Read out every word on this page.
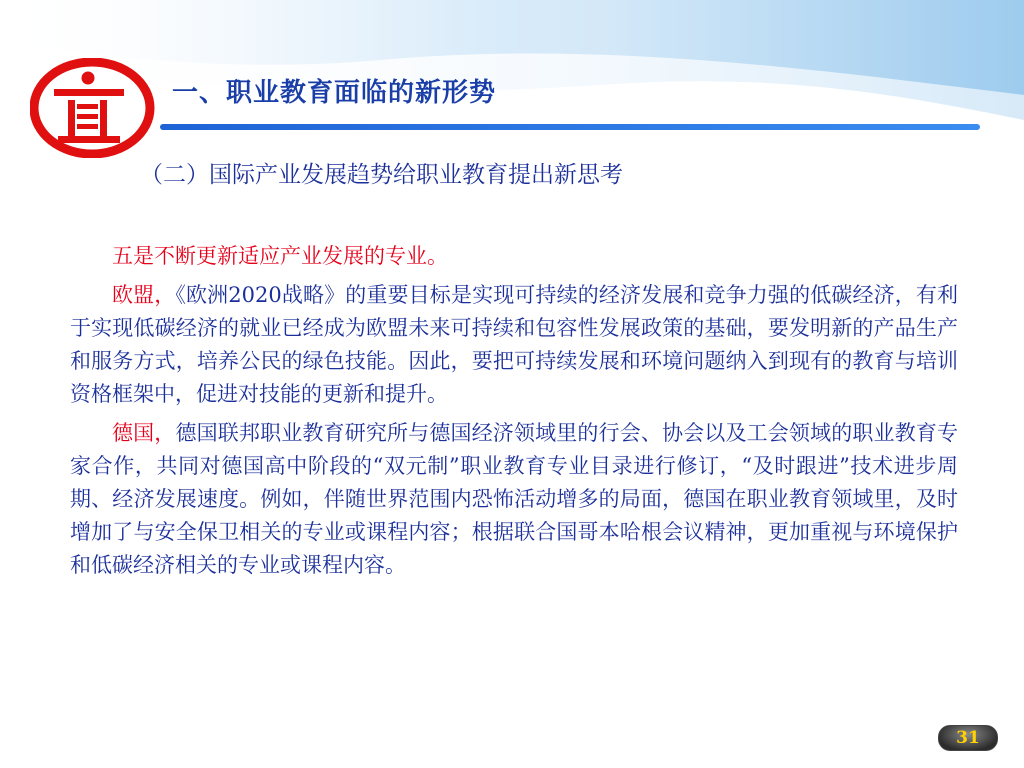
一、职业教育面临的新形势
（二）国际产业发展趋势给职业教育提出新思考

五是不断更新适应产业发展的专业。

欧盟，《欧洲2020战略》的重要目标是实现可持续的经济发展和竞争力强的低碳经济，有利于实现低碳经济的就业已经成为欧盟未来可持续和包容性发展政策的基础，要发明新的产品生产和服务方式，培养公民的绿色技能。因此，要把可持续发展和环境问题纳入到现有的教育与培训资格框架中，促进对技能的更新和提升。

德国，德国联邦职业教育研究所与德国经济领域里的行会、协会以及工会领域的职业教育专家合作，共同对德国高中阶段的“双元制”职业教育专业目录进行修订，“及时跟进”技术进步周期、经济发展速度。例如，伴随世界范围内恐怖活动增多的局面，德国在职业教育领域里，及时增加了与安全保卫相关的专业或课程内容；根据联合国哥本哈根会议精神，更加重视与环境保护和低碳经济相关的专业或课程内容。

31
